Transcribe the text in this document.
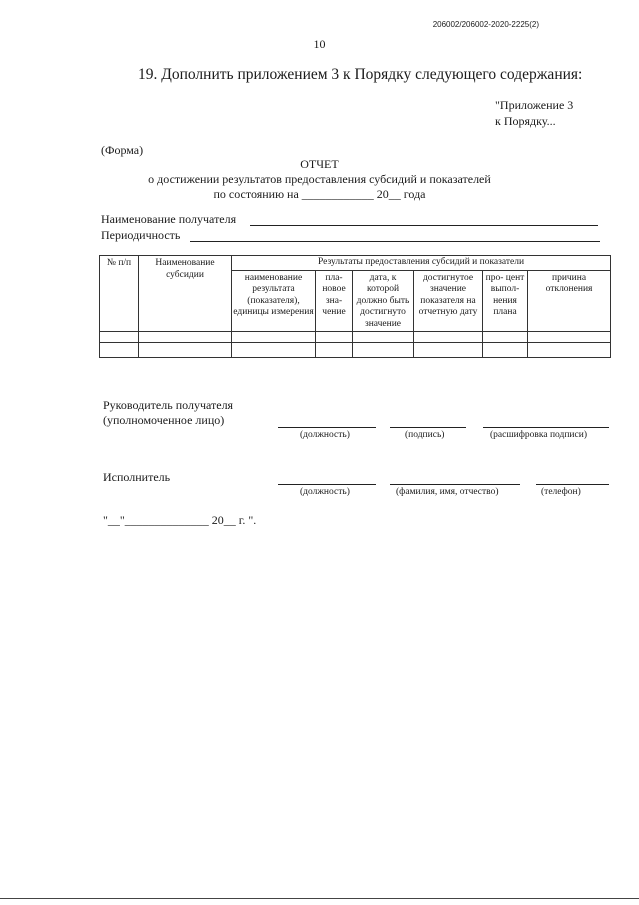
206002/206002-2020-2225(2)
10
19. Дополнить приложением 3 к Порядку следующего содержания:
"Приложение 3
к Порядку...
(Форма)
ОТЧЕТ
о достижении результатов предоставления субсидий и показателей
по состоянию на ____________ 20__ года
Наименование получателя
Периодичность
№ п/п	Наименование субсидии	Результаты предоставления субсидий и показатели					
		наименование результата (показателя), единицы измерения	пла- новое зна- чение	дата, к которой должно быть достигнуто значение	достигнутое значение показателя на отчетную дату	про- цент выпол- нения плана	причина отклонения

Руководитель получателя
(уполномоченное лицо)
(должность)	(подпись)	(расшифровка подписи)
Исполнитель
(должность)	(фамилия, имя, отчество)	(телефон)
"__"______________ 20__ г. ".
